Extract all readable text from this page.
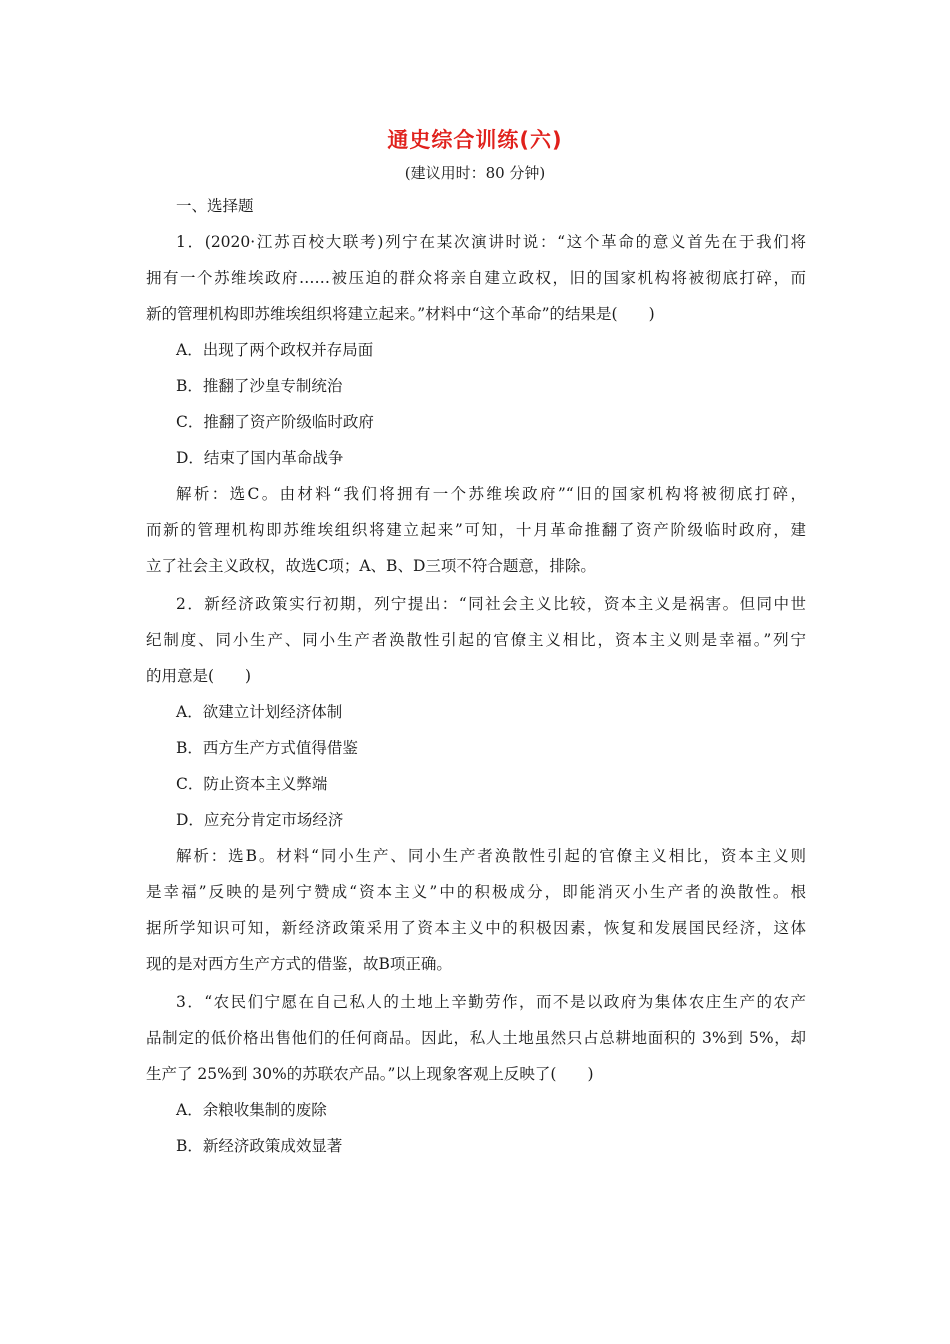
通史综合训练(六)
(建议用时：80 分钟)
一、选择题
1．(2020·江苏百校大联考)列宁在某次演讲时说：“这个革命的意义首先在于我们将
拥有一个苏维埃政府……被压迫的群众将亲自建立政权，旧的国家机构将被彻底打碎，而
新的管理机构即苏维埃组织将建立起来。”材料中“这个革命”的结果是(　　)
A．出现了两个政权并存局面
B．推翻了沙皇专制统治
C．推翻了资产阶级临时政府
D．结束了国内革命战争
解析：选C。由材料“我们将拥有一个苏维埃政府”“旧的国家机构将被彻底打碎，
而新的管理机构即苏维埃组织将建立起来”可知，十月革命推翻了资产阶级临时政府，建
立了社会主义政权，故选C项；A、B、D三项不符合题意，排除。
2．新经济政策实行初期，列宁提出：“同社会主义比较，资本主义是祸害。但同中世
纪制度、同小生产、同小生产者涣散性引起的官僚主义相比，资本主义则是幸福。”列宁
的用意是(　　)
A．欲建立计划经济体制
B．西方生产方式值得借鉴
C．防止资本主义弊端
D．应充分肯定市场经济
解析：选B。材料“同小生产、同小生产者涣散性引起的官僚主义相比，资本主义则
是幸福”反映的是列宁赞成“资本主义”中的积极成分，即能消灭小生产者的涣散性。根
据所学知识可知，新经济政策采用了资本主义中的积极因素，恢复和发展国民经济，这体
现的是对西方生产方式的借鉴，故B项正确。
3．“农民们宁愿在自己私人的土地上辛勤劳作，而不是以政府为集体农庄生产的农产
品制定的低价格出售他们的任何商品。因此，私人土地虽然只占总耕地面积的 3%到 5%，却
生产了 25%到 30%的苏联农产品。”以上现象客观上反映了(　　)
A．余粮收集制的废除
B．新经济政策成效显著
